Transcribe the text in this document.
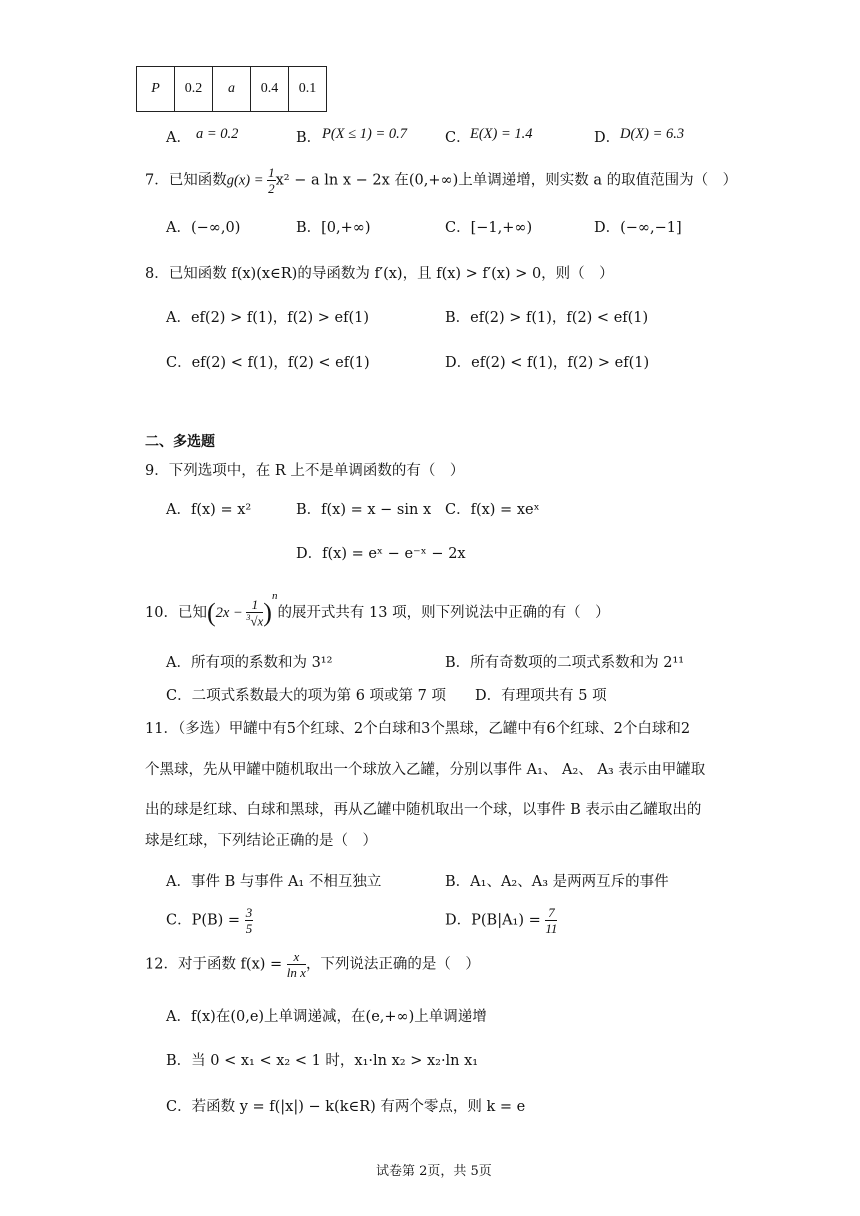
P	0.2	a	0.4	0.1
A． a = 0.2	B． P(X ≤ 1) = 0.7	C． E(X) = 1.4	D． D(X) = 6.3
7．已知函数$g(x) = \frac{1}{2} x^2 - a$ ln x − 2x 在(0,+∞)上单调递增，则实数 a 的取值范围为（　）
A．(−∞,0)	B．[0,+∞)	C．[−1,+∞)	D．(−∞,−1]
8．已知函数 f(x)(x∈R)的导函数为 f′(x)，且 f(x) > f′(x) > 0，则（　）
A．ef(2) > f(1)，f(2) > ef(1)	B．ef(2) > f(1)，f(2) < ef(1)
C．ef(2) < f(1)，f(2) < ef(1)	D．ef(2) < f(1)，f(2) > ef(1)
二、多选题
9．下列选项中，在 R 上不是单调函数的有（　）
A．f(x) = x²	B．f(x) = x − sin x C．f(x) = xeˣ
D．f(x) = eˣ − e⁻ˣ − 2x
10．已知$(2x - \frac{1}{^3√x} )^n$的展开式共有 13 项，则下列说法中正确的有（　）
A．所有项的系数和为 3¹²	B．所有奇数项的二项式系数和为 2¹¹
C．二项式系数最大的项为第 6 项或第 7 项 D．有理项共有 5 项
11．（多选）甲罐中有5个红球、2个白球和3个黑球，乙罐中有6个红球、2个白球和2
个黑球，先从甲罐中随机取出一个球放入乙罐，分别以事件 A₁、 A₂、 A₃ 表示由甲罐取
出的球是红球、白球和黑球，再从乙罐中随机取出一个球，以事件 B 表示由乙罐取出的
球是红球，下列结论正确的是（　）
A．事件 B 与事件 A₁ 不相互独立	B．A₁、A₂、A₃ 是两两互斥的事件
C．$P(B) = \frac{3}{5}$	D．$P(B|A_1) = \frac{7}{11}$
12．对于函数 $f(x) = \frac{x}{\text{ln x}}$ ，下列说法正确的是（　）
A．f(x)在(0,e)上单调递减，在(e,+∞)上单调递增
B．当 0 < x₁ < x₂ < 1 时，x₁·ln x₂ > x₂·ln x₁
C．若函数 y = f(|x|) − k(k∈R) 有两个零点，则 k = e
试卷第 2页，共 5页
